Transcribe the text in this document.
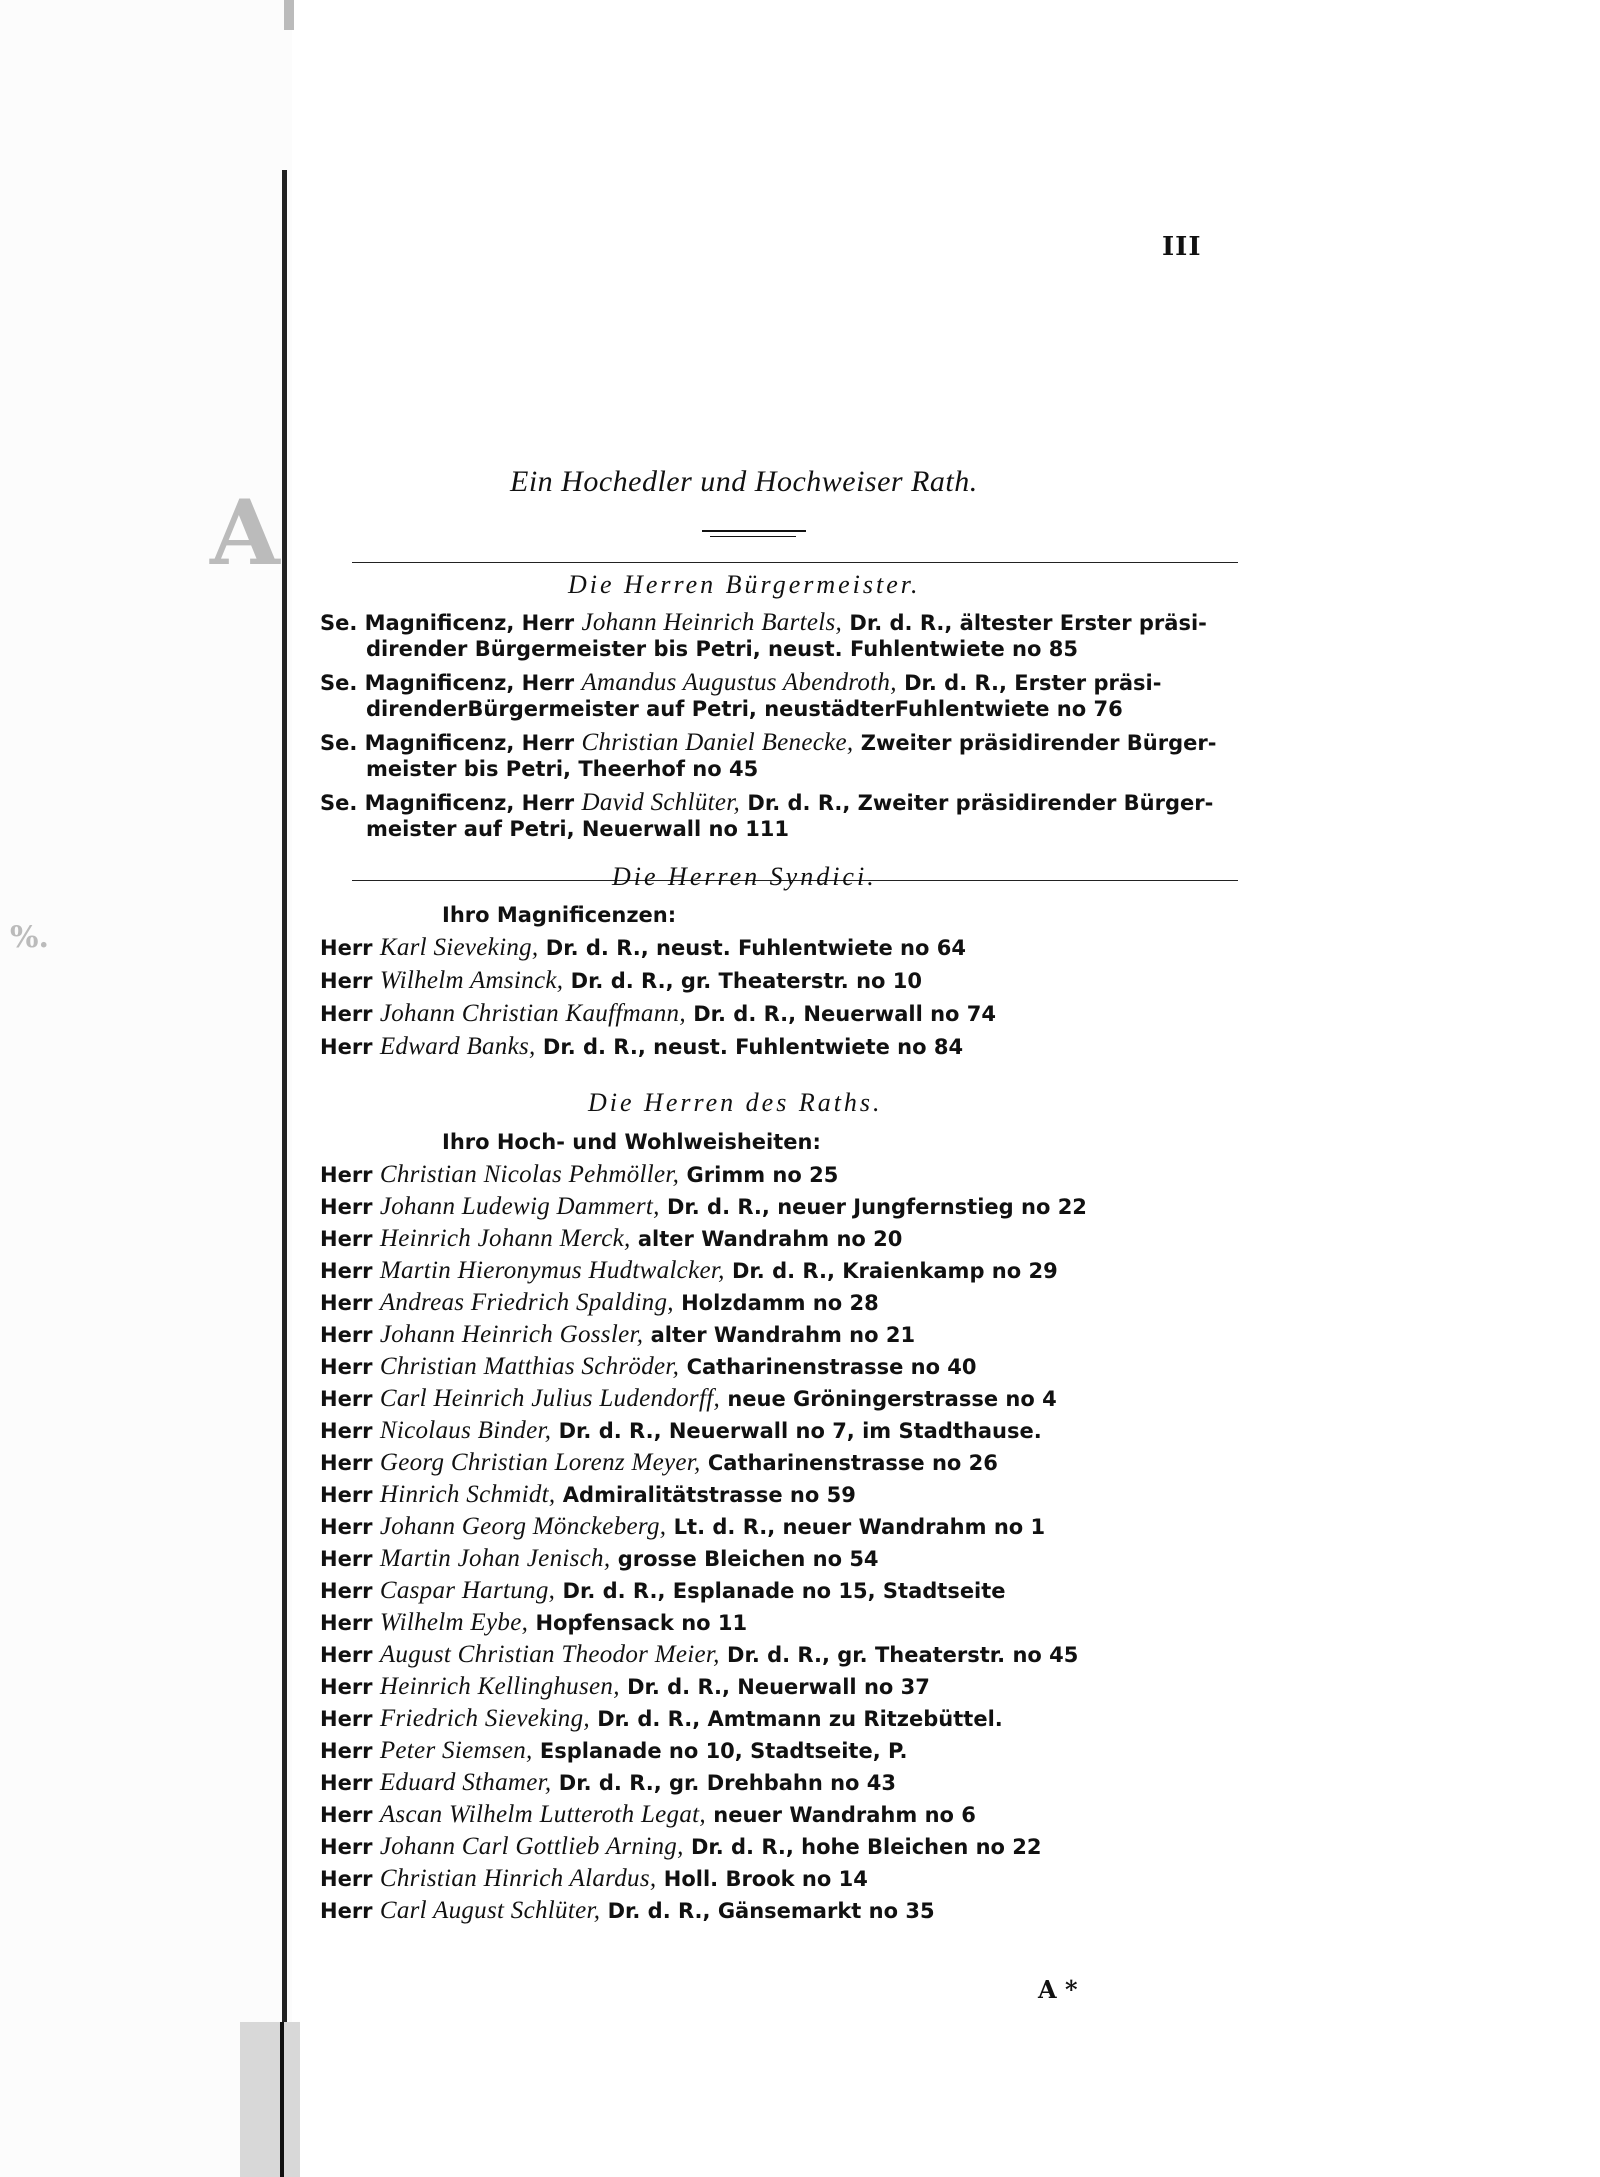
A
%.
III
Ein Hochedler und Hochweiser Rath.
Die Herren Bürgermeister.
Se. Magnificenz, Herr Johann Heinrich Bartels, Dr. d. R., ältester Erster präsi-
dirender Bürgermeister bis Petri, neust. Fuhlentwiete no 85
Se. Magnificenz, Herr Amandus Augustus Abendroth, Dr. d. R., Erster präsi-
direnderBürgermeister auf Petri, neustädterFuhlentwiete no 76
Se. Magnificenz, Herr Christian Daniel Benecke, Zweiter präsidirender Bürger-
meister bis Petri, Theerhof no 45
Se. Magnificenz, Herr David Schlüter, Dr. d. R., Zweiter präsidirender Bürger-
meister auf Petri, Neuerwall no 111
Die Herren Syndici.
Ihro Magnificenzen:
Herr Karl Sieveking, Dr. d. R., neust. Fuhlentwiete no 64
Herr Wilhelm Amsinck, Dr. d. R., gr. Theaterstr. no 10
Herr Johann Christian Kauffmann, Dr. d. R., Neuerwall no 74
Herr Edward Banks, Dr. d. R., neust. Fuhlentwiete no 84
Die Herren des Raths.
Ihro Hoch- und Wohlweisheiten:
Herr Christian Nicolas Pehmöller, Grimm no 25
Herr Johann Ludewig Dammert, Dr. d. R., neuer Jungfernstieg no 22
Herr Heinrich Johann Merck, alter Wandrahm no 20
Herr Martin Hieronymus Hudtwalcker, Dr. d. R., Kraienkamp no 29
Herr Andreas Friedrich Spalding, Holzdamm no 28
Herr Johann Heinrich Gossler, alter Wandrahm no 21
Herr Christian Matthias Schröder, Catharinenstrasse no 40
Herr Carl Heinrich Julius Ludendorff, neue Gröningerstrasse no 4
Herr Nicolaus Binder, Dr. d. R., Neuerwall no 7, im Stadthause.
Herr Georg Christian Lorenz Meyer, Catharinenstrasse no 26
Herr Hinrich Schmidt, Admiralitätstrasse no 59
Herr Johann Georg Mönckeberg, Lt. d. R., neuer Wandrahm no 1
Herr Martin Johan Jenisch, grosse Bleichen no 54
Herr Caspar Hartung, Dr. d. R., Esplanade no 15, Stadtseite
Herr Wilhelm Eybe, Hopfensack no 11
Herr August Christian Theodor Meier, Dr. d. R., gr. Theaterstr. no 45
Herr Heinrich Kellinghusen, Dr. d. R., Neuerwall no 37
Herr Friedrich Sieveking, Dr. d. R., Amtmann zu Ritzebüttel.
Herr Peter Siemsen, Esplanade no 10, Stadtseite, P.
Herr Eduard Sthamer, Dr. d. R., gr. Drehbahn no 43
Herr Ascan Wilhelm Lutteroth Legat, neuer Wandrahm no 6
Herr Johann Carl Gottlieb Arning, Dr. d. R., hohe Bleichen no 22
Herr Christian Hinrich Alardus, Holl. Brook no 14
Herr Carl August Schlüter, Dr. d. R., Gänsemarkt no 35
A *
